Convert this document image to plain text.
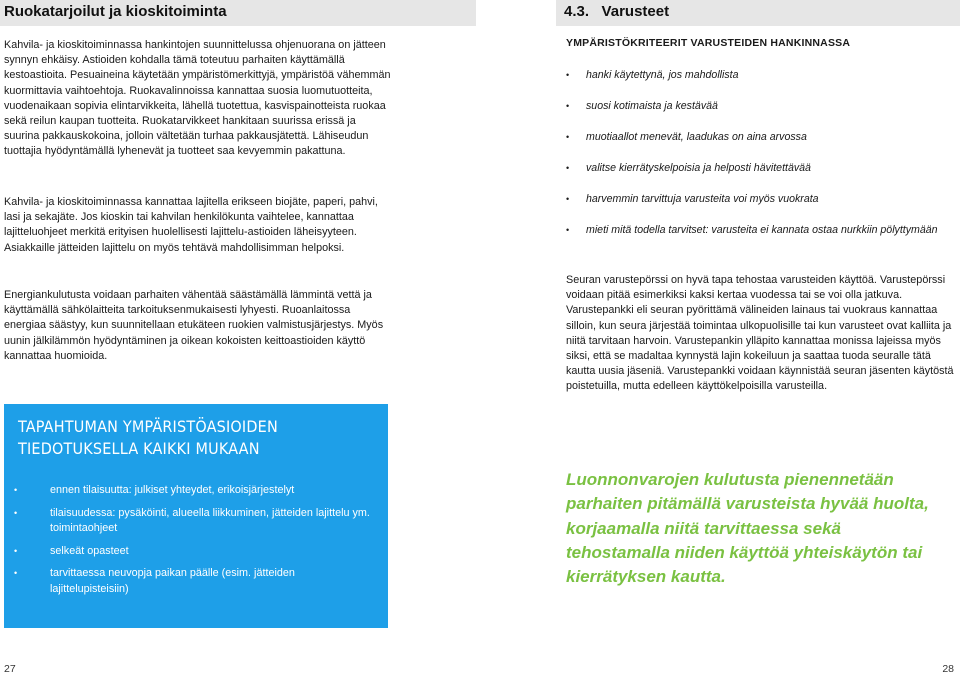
Ruokatarjoilut ja kioskitoiminta

Kahvila- ja kioskitoiminnassa hankintojen suunnittelussa ohjenuorana on jätteen synnyn ehkäisy. Astioiden kohdalla tämä toteutuu parhaiten käyttämällä kestoastioita. Pesuaineina käytetään ympäristömerkittyjä, ympäristöä vähemmän kuormittavia vaihtoehtoja. Ruokavalinnoissa kannattaa suosia luomutuotteita, vuodenaikaan sopivia elintarvikkeita, lähellä tuotettua, kasvispainotteista ruokaa sekä reilun kaupan tuotteita. Ruokatarvikkeet hankitaan suurissa erissä ja suurina pakkauskokoina, jolloin vältetään turhaa pakkausjätettä. Lähiseudun tuottajia hyödyntämällä lyhenevät ja tuotteet saa kevyemmin pakattuna.

Kahvila- ja kioskitoiminnassa kannattaa lajitella erikseen biojäte, paperi, pahvi, lasi ja sekajäte. Jos kioskin tai kahvilan henkilökunta vaihtelee, kannattaa lajitteluohjeet merkitä erityisen huolellisesti lajittelu-astioiden läheisyyteen. Asiakkaille jätteiden lajittelu on myös tehtävä mahdollisimman helpoksi.

Energiankulutusta voidaan parhaiten vähentää säästämällä lämmintä vettä ja käyttämällä sähkölaitteita tarkoituksenmukaisesti lyhyesti. Ruoanlaitossa energiaa säästyy, kun suunnitellaan etukäteen ruokien valmistusjärjestys. Myös uunin jälkilämmön hyödyntäminen ja oikean kokoisten keittoastioiden käyttö kannattaa huomioida.

TAPAHTUMAN YMPÄRISTÖASIOIDEN
TIEDOTUKSELLA KAIKKI MUKAAN
•	ennen tilaisuutta: julkiset yhteydet, erikoisjärjestelyt
•	tilaisuudessa: pysäköinti, alueella liikkuminen, jätteiden lajittelu ym. toimintaohjeet
•	selkeät opasteet
•	tarvittaessa neuvopja paikan päälle (esim. jätteiden lajittelupisteisiin)
27
4.3. Varusteet
YMPÄRISTÖKRITEERIT VARUSTEIDEN HANKINNASSA
• hanki käytettynä, jos mahdollista
• suosi kotimaista ja kestävää
• muotiaallot menevät, laadukas on aina arvossa
• valitse kierrätyskelpoisia ja helposti hävitettävää
• harvemmin tarvittuja varusteita voi myös vuokrata
• mieti mitä todella tarvitset: varusteita ei kannata ostaa nurkkiin pölyttymään

Seuran varustepörssi on hyvä tapa tehostaa varusteiden käyttöä. Varustepörssi voidaan pitää esimerkiksi kaksi kertaa vuodessa tai se voi olla jatkuva. Varustepankki eli seuran pyörittämä välineiden lainaus tai vuokraus kannattaa silloin, kun seura järjestää toimintaa ulkopuolisille tai kun varusteet ovat kalliita ja niitä tarvitaan harvoin. Varustepankin ylläpito kannattaa monissa lajeissa myös siksi, että se madaltaa kynnystä lajin kokeiluun ja saattaa tuoda seuralle tätä kautta uusia jäseniä. Varustepankki voidaan käynnistää seuran jäsenten käytöstä poistetuilla, mutta edelleen käyttökelpoisilla varusteilla.

Luonnonvarojen kulutusta pienennetään parhaiten pitämällä varusteista hyvää huolta, korjaamalla niitä tarvittaessa sekä tehostamalla niiden käyttöä yhteiskäytön tai kierrätyksen kautta.
28
